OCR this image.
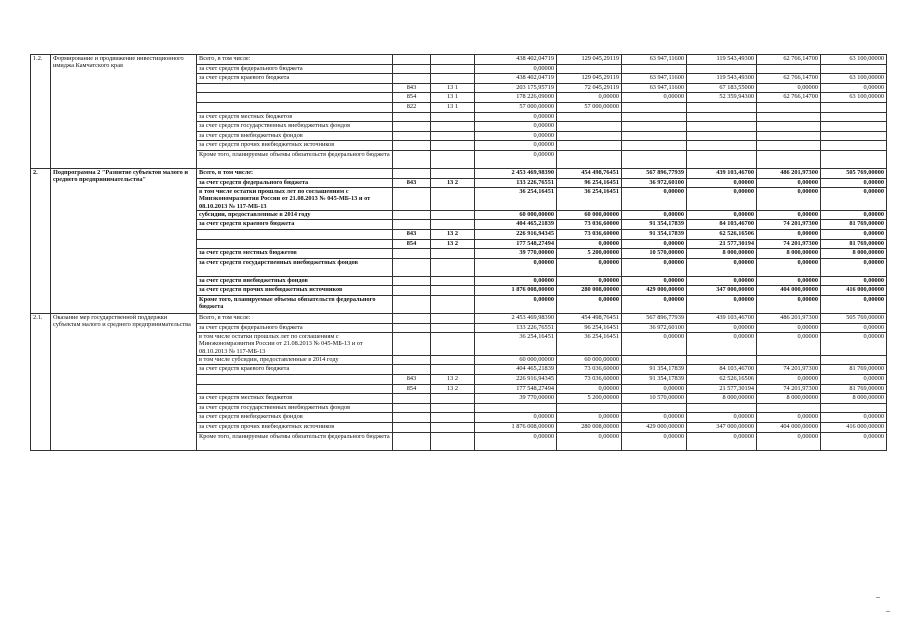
1.2.	Формирование и продвижение инвестиционного имиджа Камчатского края	Всего, в том числе:			438 402,04719	129 045,29119	63 947,11600	119 543,49300	62 766,14700	63 100,00000
		за счет средств федерального бюджета			0,00000					
		за счет средств краевого бюджета			438 402,04719	129 045,29119	63 947,11600	119 543,49300	62 766,14700	63 100,00000
			843	13 1	203 175,95719	72 045,29119	63 947,11600	67 183,55000	0,00000	0,00000
			854	13 1	178 226,09000	0,00000	0,00000	52 359,94300	62 766,14700	63 100,00000
			822	13 1	57 000,00000	57 000,00000				
		за счет средств местных бюджетов			0,00000					
		за счет средств государственных внебюджетных фондов			0,00000					
		за счет средств внебюджетных фондов			0,00000					
		за счет средств прочих внебюджетных источников			0,00000					
		Кроме того, планируемые объемы обязательств федерального бюджета			0,00000					
2.	Подпрограмма 2 "Развитие субъектов малого и среднего предпринимательства"	Всего, в том числе:			2 453 469,98390	454 498,76451	567 896,77939	439 103,46700	486 201,97300	505 769,00000
		за счет средств федерального бюджета	843	13 2	133 226,76551	96 254,16451	36 972,60100	0,00000	0,00000	0,00000
		в том числе остатки прошлых лет по соглашениям с Минэкономразвития России от 21.08.2013 № 045-МБ-13 и от 08.10.2013 № 117-МБ-13			36 254,16451	36 254,16451	0,00000	0,00000	0,00000	0,00000
		субсидии, предоставленные в 2014 году			60 000,00000	60 000,00000	0,00000	0,00000	0,00000	0,00000
		за счет средств краевого бюджета			404 465,21839	73 036,60000	91 354,17839	84 103,46700	74 201,97300	81 769,00000
			843	13 2	226 916,94345	73 036,60000	91 354,17839	62 526,16506	0,00000	0,00000
			854	13 2	177 548,27494	0,00000	0,00000	21 577,30194	74 201,97300	81 769,00000
		за счет средств местных бюджетов			39 770,00000	5 200,00000	10 570,00000	8 000,00000	8 000,00000	8 000,00000
		за счет средств государственных внебюджетных фондов			0,00000	0,00000	0,00000	0,00000	0,00000	0,00000
		за счет средств внебюджетных фондов			0,00000	0,00000	0,00000	0,00000	0,00000	0,00000
		за счет средств прочих внебюджетных источников			1 876 008,00000	280 008,00000	429 000,00000	347 000,00000	404 000,00000	416 000,00000
		Кроме того, планируемые объемы обязательств федерального бюджета			0,00000	0,00000	0,00000	0,00000	0,00000	0,00000
2.1.	Оказание мер государственной поддержки субъектам малого и среднего предпринимательства	Всего, в том числе:			2 453 469,98390	454 498,76451	567 896,77939	439 103,46700	486 201,97300	505 769,00000
		за счет средств федерального бюджета			133 226,76551	96 254,16451	36 972,60100	0,00000	0,00000	0,00000
		в том числе остатки прошлых лет по соглашениям с Минэкономразвития России от 21.08.2013 № 045-МБ-13 и от 08.10.2013 № 117-МБ-13			36 254,16451	36 254,16451	0,00000	0,00000	0,00000	0,00000
		в том числе субсидии, предоставленные в 2014 году			60 000,00000	60 000,00000				
		за счет средств краевого бюджета			404 465,21839	73 036,60000	91 354,17839	84 103,46700	74 201,97300	81 769,00000
			843	13 2	226 916,94345	73 036,60000	91 354,17839	62 526,16506	0,00000	0,00000
			854	13 2	177 548,27494	0,00000	0,00000	21 577,30194	74 201,97300	81 769,00000
		за счет средств местных бюджетов			39 770,00000	5 200,00000	10 570,00000	8 000,00000	8 000,00000	8 000,00000
		за счет средств государственных внебюджетных фондов								
		за счет средств внебюджетных фондов			0,00000	0,00000	0,00000	0,00000	0,00000	0,00000
		за счет средств прочих внебюджетных источников			1 876 008,00000	280 008,00000	429 000,00000	347 000,00000	404 000,00000	416 000,00000
		Кроме того, планируемые объемы обязательств федерального бюджета			0,00000	0,00000	0,00000	0,00000	0,00000	0,00000
